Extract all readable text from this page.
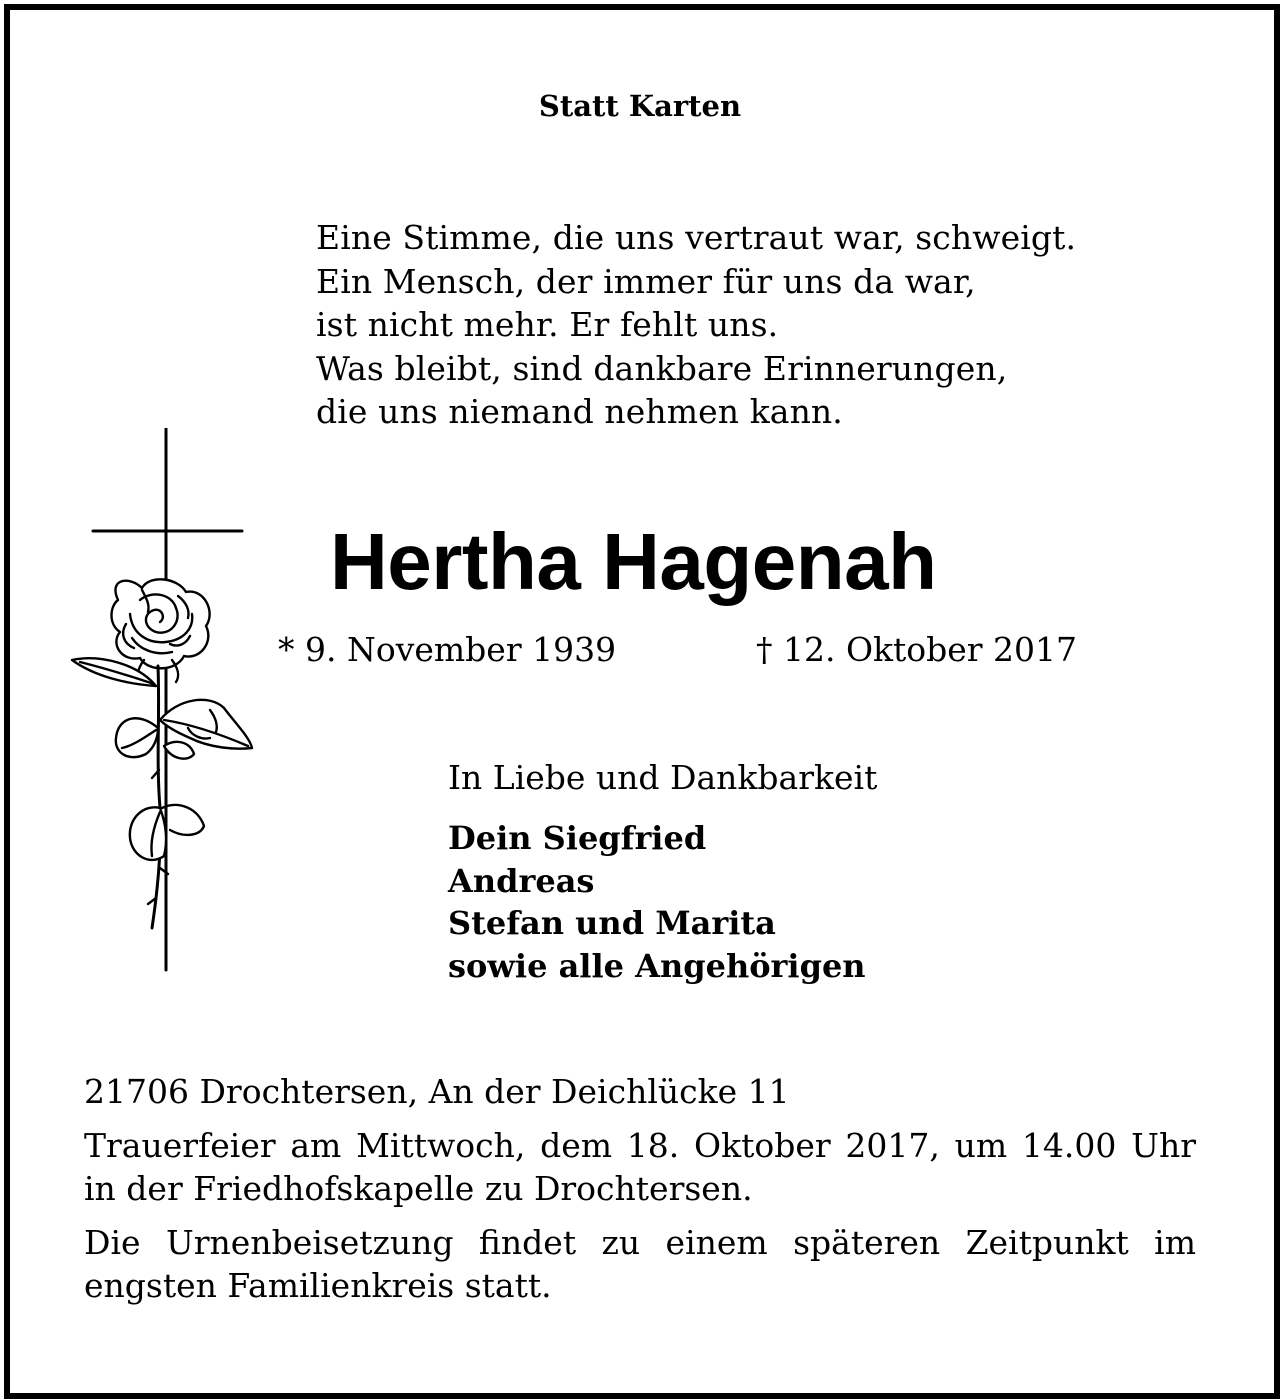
Statt Karten
Eine Stimme, die uns vertraut war, schweigt.
Ein Mensch, der immer für uns da war,
ist nicht mehr. Er fehlt uns.
Was bleibt, sind dankbare Erinnerungen,
die uns niemand nehmen kann.
Hertha Hagenah
* 9. November 1939	† 12. Oktober 2017
In Liebe und Dankbarkeit
Dein Siegfried
Andreas
Stefan und Marita
sowie alle Angehörigen
21706 Drochtersen, An der Deichlücke 11
Trauerfeier am Mittwoch, dem 18. Oktober 2017, um 14.00 Uhr in der Friedhofskapelle zu Drochtersen.
Die Urnenbeisetzung findet zu einem späteren Zeitpunkt im engsten Familienkreis statt.
